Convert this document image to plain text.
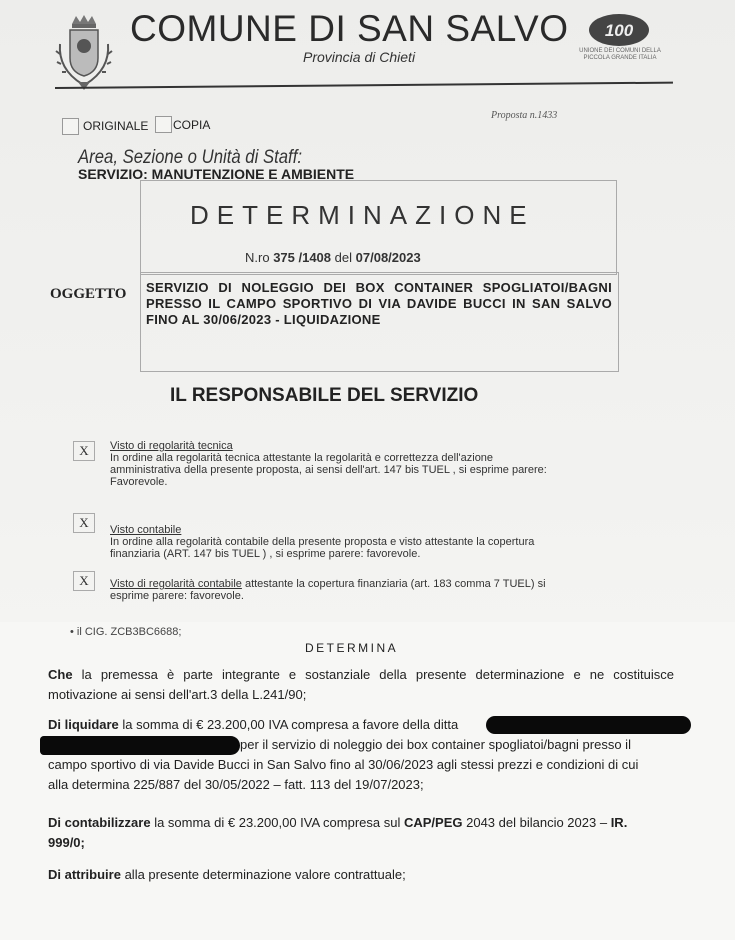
COMUNE DI SAN SALVO
Provincia di Chieti
100
UNIONE DEI COMUNI DELLA PICCOLA GRANDE ITALIA
ORIGINALE COPIA
Proposta n.1433
Area, Sezione o Unità di Staff:
SERVIZIO: MANUTENZIONE E AMBIENTE
DETERMINAZIONE
N.ro 375 /1408 del 07/08/2023
OGGETTO SERVIZIO DI NOLEGGIO DEI BOX CONTAINER SPOGLIATOI/BAGNI PRESSO IL CAMPO SPORTIVO DI VIA DAVIDE BUCCI IN SAN SALVO FINO AL 30/06/2023 - LIQUIDAZIONE
IL RESPONSABILE DEL SERVIZIO
X	Visto di regolarità tecnica
In ordine alla regolarità tecnica attestante la regolarità e correttezza dell'azione
amministrativa della presente proposta, ai sensi dell'art. 147 bis TUEL , si esprime parere:
Favorevole.
X	Visto contabile
In ordine alla regolarità contabile della presente proposta e visto attestante la copertura
finanziaria (ART. 147 bis TUEL ) , si esprime parere: favorevole.
X	Visto di regolarità contabile attestante la copertura finanziaria (art. 183 comma 7 TUEL) si
esprime parere: favorevole.
• il CIG. ZCB3BC6688;
DETERMINA
Che la premessa è parte integrante e sostanziale della presente determinazione e ne costituisce motivazione ai sensi dell'art.3 della L.241/90;
Di liquidare la somma di € 23.200,00 IVA compresa a favore della ditta
per il servizio di noleggio dei box container spogliatoi/bagni presso il
campo sportivo di via Davide Bucci in San Salvo fino al 30/06/2023 agli stessi prezzi e condizioni di cui
alla determina 225/887 del 30/05/2022 – fatt. 113 del 19/07/2023;
Di contabilizzare la somma di € 23.200,00 IVA compresa sul CAP/PEG 2043 del bilancio 2023 – IR.
999/0;
Di attribuire alla presente determinazione valore contrattuale;
